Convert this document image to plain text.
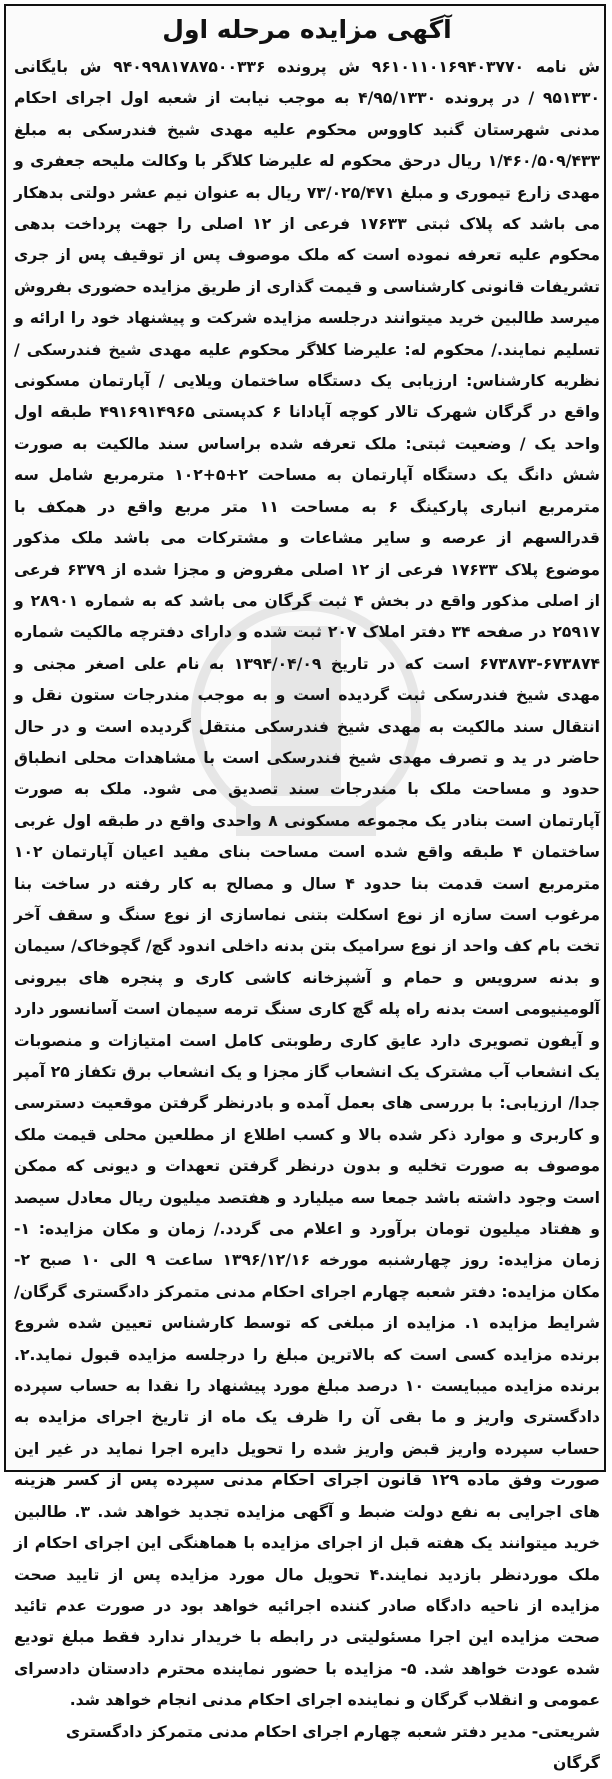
آگهی مزایده مرحله اول

ش نامه ۹۶۱۰۱۱۰۱۶۹۴۰۳۷۷۰ ش پرونده ۹۴۰۹۹۸۱۷۸۷۵۰۰۳۳۶ ش بایگانی ۹۵۱۳۳۰ / در پرونده ۴/۹۵/۱۳۳۰ به موجب نیابت از شعبه اول اجرای احکام مدنی شهرستان گنبد کاووس محکوم علیه مهدی شیخ فندرسکی به مبلغ ۱/۴۶۰/۵۰۹/۴۳۳ ریال درحق محکوم له علیرضا کلاگر با وکالت ملیحه جعفری و مهدی زارع تیموری و مبلغ ۷۳/۰۲۵/۴۷۱ ریال به عنوان نیم عشر دولتی بدهکار می باشد که پلاک ثبتی ۱۷۶۳۳ فرعی از ۱۲ اصلی را جهت پرداخت بدهی محکوم علیه تعرفه نموده است که ملک موصوف پس از توقیف پس از جری تشریفات قانونی کارشناسی و قیمت گذاری از طریق مزایده حضوری بفروش میرسد طالبین خرید میتوانند درجلسه مزایده شرکت و پیشنهاد خود را ارائه و تسلیم نمایند./ محکوم له: علیرضا کلاگر محکوم علیه مهدی شیخ فندرسکی / نظریه کارشناس: ارزیابی یک دستگاه ساختمان ویلایی / آپارتمان مسکونی واقع در گرگان شهرک تالار کوچه آپادانا ۶ کدپستی ۴۹۱۶۹۱۴۹۶۵ طبقه اول واحد یک / وضعیت ثبتی: ملک تعرفه شده براساس سند مالکیت به صورت شش دانگ یک دستگاه آپارتمان به مساحت ۲+۵+۱۰۲ مترمربع شامل سه مترمربع انباری پارکینگ ۶ به مساحت ۱۱ متر مربع واقع در همکف با قدرالسهم از عرصه و سایر مشاعات و مشترکات می باشد ملک مذکور موضوع پلاک ۱۷۶۳۳ فرعی از ۱۲ اصلی مفروض و مجزا شده از ۶۳۷۹ فرعی از اصلی مذکور واقع در بخش ۴ ثبت گرگان می باشد که به شماره ۲۸۹۰۱ و ۲۵۹۱۷ در صفحه ۳۴ دفتر املاک ۲۰۷ ثبت شده و دارای دفترچه مالکیت شماره ۶۷۳۸۷۴-۶۷۳۸۷۳ است که در تاریخ ۱۳۹۴/۰۴/۰۹ به نام علی اصغر مجنی و مهدی شیخ فندرسکی ثبت گردیده است و به موجب مندرجات ستون نقل و انتقال سند مالکیت به مهدی شیخ فندرسکی منتقل گردیده است و در حال حاضر در ید و تصرف مهدی شیخ فندرسکی است با مشاهدات محلی انطباق حدود و مساحت ملک با مندرجات سند تصدیق می شود. ملک به صورت آپارتمان است بنادر یک مجموعه مسکونی ۸ واحدی واقع در طبقه اول غربی ساختمان ۴ طبقه واقع شده است مساحت بنای مفید اعیان آپارتمان ۱۰۲ مترمربع است قدمت بنا حدود ۴ سال و مصالح به کار رفته در ساخت بنا مرغوب است سازه از نوع اسکلت بتنی نماسازی از نوع سنگ و سقف آخر تخت بام کف واحد از نوع سرامیک بتن بدنه داخلی اندود گچ/ گچوخاک/ سیمان و بدنه سرویس و حمام و آشپزخانه کاشی کاری و پنجره های بیرونی آلومینیومی است بدنه راه پله گچ کاری سنگ ترمه سیمان است آسانسور دارد و آیفون تصویری دارد عایق کاری رطوبتی کامل است امتیازات و منصوبات یک انشعاب آب مشترک یک انشعاب گاز مجزا و یک انشعاب برق تکفاز ۲۵ آمپر جدا/ ارزیابی: با بررسی های بعمل آمده و بادرنظر گرفتن موقعیت دسترسی و کاربری و موارد ذکر شده بالا و کسب اطلاع از مطلعین محلی قیمت ملک موصوف به صورت تخلیه و بدون درنظر گرفتن تعهدات و دیونی که ممکن است وجود داشته باشد جمعا سه میلیارد و هفتصد میلیون ریال معادل سیصد و هفتاد میلیون تومان برآورد و اعلام می گردد./ زمان و مکان مزایده: ۱- زمان مزایده: روز چهارشنبه مورخه ۱۳۹۶/۱۲/۱۶ ساعت ۹ الی ۱۰ صبح ۲- مکان مزایده: دفتر شعبه چهارم اجرای احکام مدنی متمرکز دادگستری گرگان/ شرایط مزایده ۱. مزایده از مبلغی که توسط کارشناس تعیین شده شروع برنده مزایده کسی است که بالاترین مبلغ را درجلسه مزایده قبول نماید.۲. برنده مزایده میبایست ۱۰ درصد مبلغ مورد پیشنهاد را نقدا به حساب سپرده دادگستری واریز و ما بقی آن را ظرف یک ماه از تاریخ اجرای مزایده به حساب سپرده واریز قبض واریز شده را تحویل دایره اجرا نماید در غیر این صورت وفق ماده ۱۲۹ قانون اجرای احکام مدنی سپرده پس از کسر هزینه های اجرایی به نفع دولت ضبط و آگهی مزایده تجدید خواهد شد. ۳. طالبین خرید میتوانند یک هفته قبل از اجرای مزایده با هماهنگی این اجرای احکام از ملک موردنظر بازدید نمایند.۴ تحویل مال مورد مزایده پس از تایید صحت مزایده از ناحیه دادگاه صادر کننده اجرائیه خواهد بود در صورت عدم تائید صحت مزایده این اجرا مسئولیتی در رابطه با خریدار ندارد فقط مبلغ تودیع شده عودت خواهد شد. ۵- مزایده با حضور نماینده محترم دادستان دادسرای عمومی و انقلاب گرگان و نماینده اجرای احکام مدنی انجام خواهد شد.

شریعتی- مدیر دفتر شعبه چهارم اجرای احکام مدنی متمرکز دادگستری گرگان
